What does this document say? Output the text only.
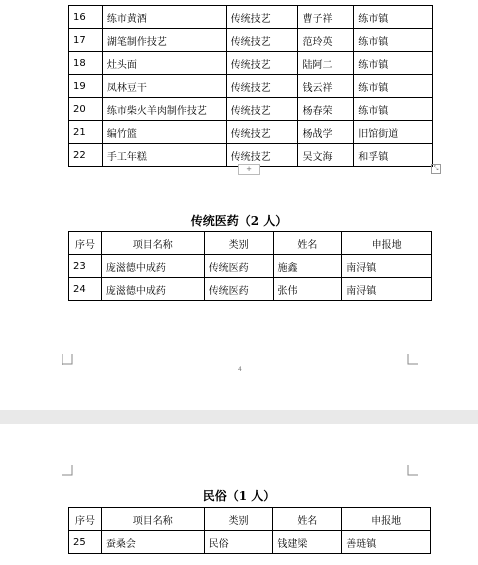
16	练市黄酒	传统技艺	曹子祥	练市镇
17	湖笔制作技艺	传统技艺	范玲英	练市镇
18	灶头面	传统技艺	陆阿二	练市镇
19	凤林豆干	传统技艺	钱云祥	练市镇
20	练市柴火羊肉制作技艺	传统技艺	杨春荣	练市镇
21	编竹篮	传统技艺	杨战学	旧馆街道
22	手工年糕	传统技艺	吴文海	和孚镇
+	⤡
传统医药（2 人）
序号	项目名称	类别	姓名	申报地
23	庞滋德中成药	传统医药	施鑫	南浔镇
24	庞滋德中成药	传统医药	张伟	南浔镇
4
民俗（1 人）
序号	项目名称	类别	姓名	申报地
25	蚕桑会	民俗	钱建梁	善琏镇
